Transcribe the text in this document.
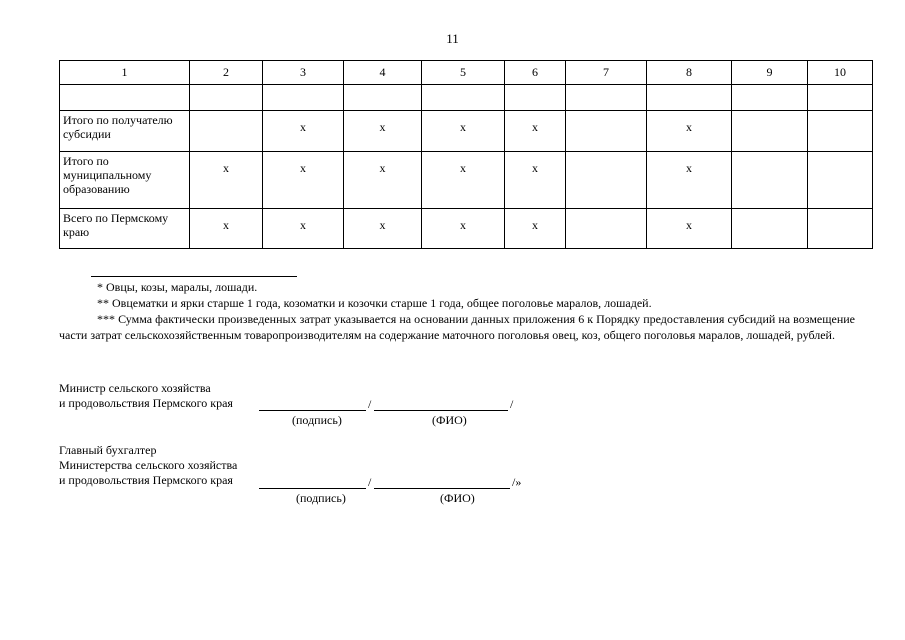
11
1	2	3	4	5	6	7	8	9	10

Итого по получателю субсидии		x	x	x	x		x		
Итого по муниципальному образованию	x	x	x	x	x		x		
Всего по Пермскому краю	x	x	x	x	x		x		

* Овцы, козы, маралы, лошади.

** Овцематки и ярки старше 1 года, козоматки и козочки старше 1 года, общее поголовье маралов, лошадей.

*** Сумма фактически произведенных затрат указывается на основании данных приложения 6 к Порядку предоставления субсидий на возмещение части затрат сельскохозяйственным товаропроизводителям на содержание маточного поголовья овец, коз, общего поголовья маралов, лошадей, рублей.

Министр сельского хозяйства
и продовольствия Пермского края	/	/
(подпись)	(ФИО)
Главный бухгалтер
Министерства сельского хозяйства
и продовольствия Пермского края	/	/»
(подпись)	(ФИО)
